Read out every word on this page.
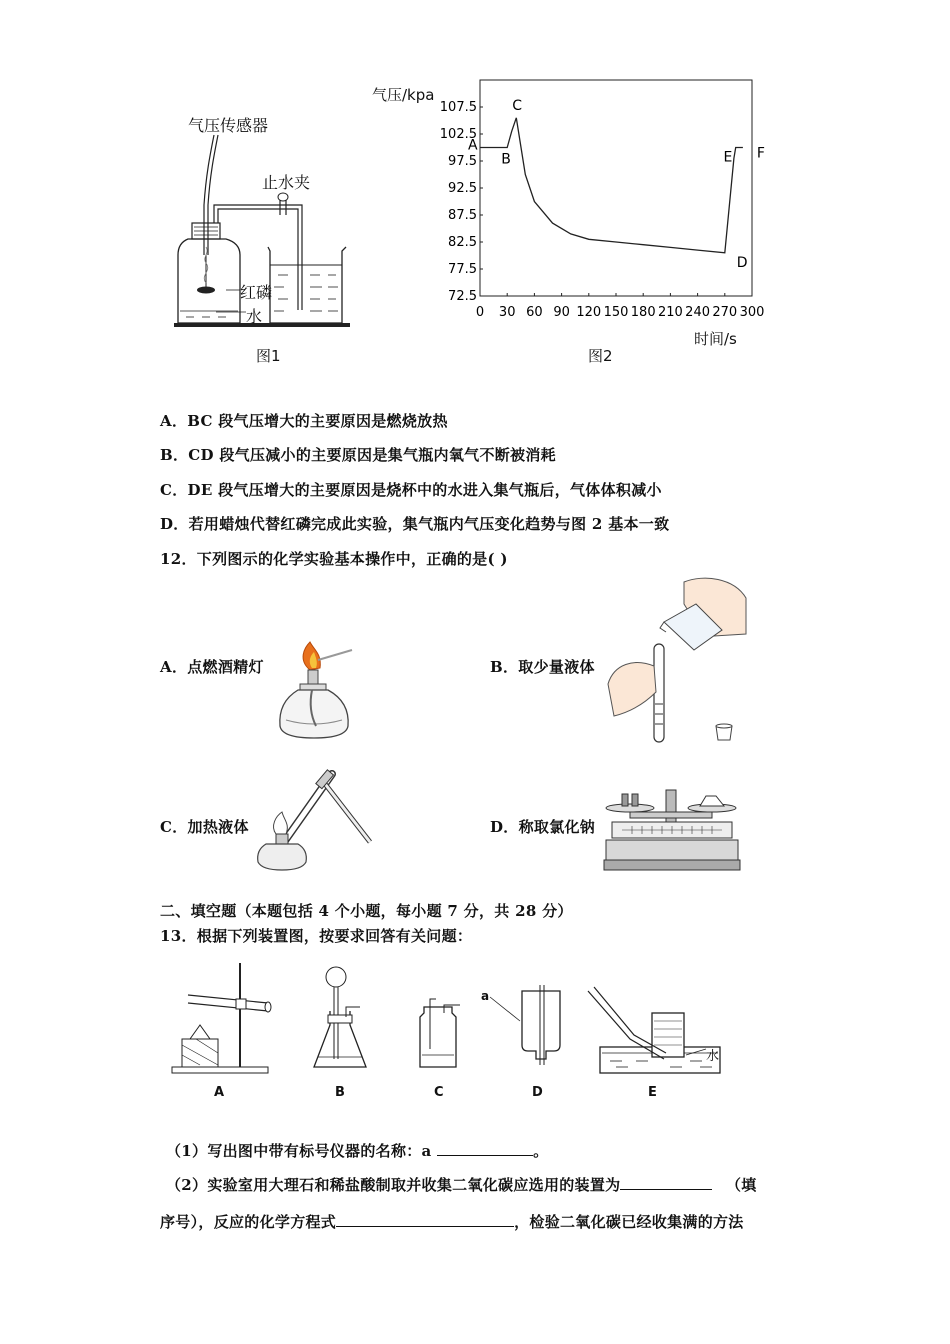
气压传感器
止水夹
红磷
水
图1
气压/kpa
72.5
77.5
82.5
87.5
92.5
97.5
102.5
107.5
0 30 60 90 120 150 180 210 240 270 300
A
B
C
D
E F
时间/s
图2
A．BC 段气压增大的主要原因是燃烧放热
B．CD 段气压减小的主要原因是集气瓶内氧气不断被消耗
C．DE 段气压增大的主要原因是烧杯中的水进入集气瓶后，气体体积减小
D．若用蜡烛代替红磷完成此实验，集气瓶内气压变化趋势与图 2 基本一致
12．下列图示的化学实验基本操作中，正确的是( )
A．点燃酒精灯	B．取少量液体
C．加热液体	D．称取氯化钠
二、填空题（本题包括 4 个小题，每小题 7 分，共 28 分）
13．根据下列装置图，按要求回答有关问题：
a
水
A	B	C	D	E
（1）写出图中带有标号仪器的名称：a	。
（2）实验室用大理石和稀盐酸制取并收集二氧化碳应选用的装置为	（填
序号），反应的化学方程式	，检验二氧化碳已经收集满的方法
